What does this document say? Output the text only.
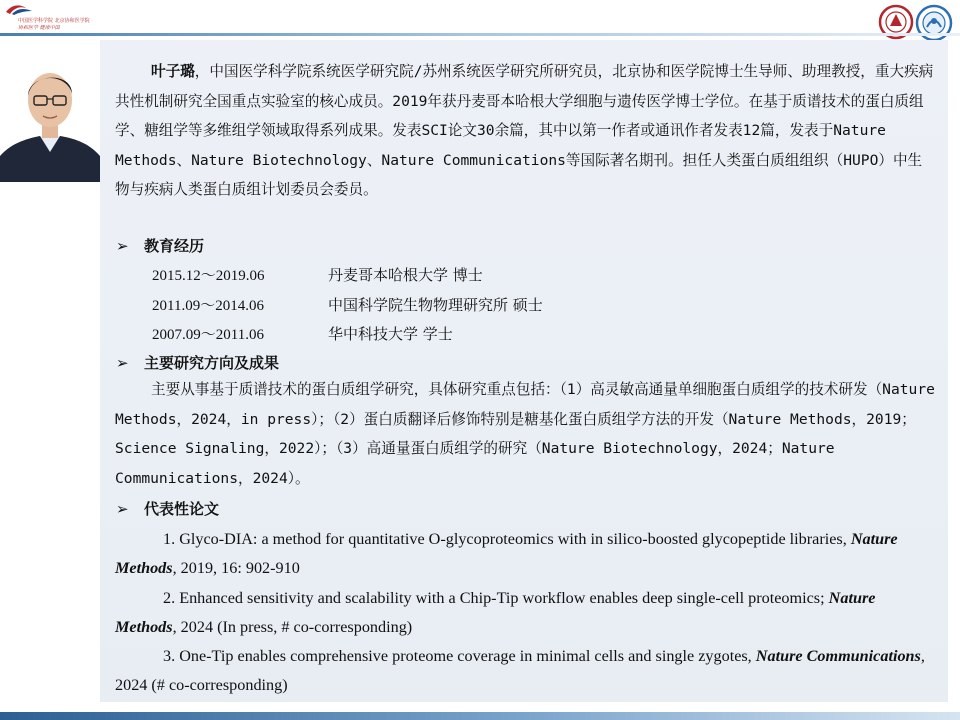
中国医学科学院 北京协和医学院
协和医学 健康中国

叶子璐，中国医学科学院系统医学研究院/苏州系统医学研究所研究员，北京协和医学院博士生导师、助理教授，重大疾病共性机制研究全国重点实验室的核心成员。2019年获丹麦哥本哈根大学细胞与遗传医学博士学位。在基于质谱技术的蛋白质组学、糖组学等多维组学领域取得系列成果。发表SCI论文30余篇，其中以第一作者或通讯作者发表12篇，发表于Nature Methods、Nature Biotechnology、Nature Communications等国际著名期刊。担任人类蛋白质组组织（HUPO）中生物与疾病人类蛋白质组计划委员会委员。

➢ 教育经历
2015.12～2019.06	丹麦哥本哈根大学 博士
2011.09～2014.06	中国科学院生物物理研究所 硕士
2007.09～2011.06	华中科技大学 学士
➢ 主要研究方向及成果

主要从事基于质谱技术的蛋白质组学研究，具体研究重点包括：（1）高灵敏高通量单细胞蛋白质组学的技术研发（Nature Methods，2024，in press）；（2）蛋白质翻译后修饰特别是糖基化蛋白质组学方法的开发（Nature Methods，2019；Science Signaling，2022）；（3）高通量蛋白质组学的研究（Nature Biotechnology，2024；Nature Communications，2024）。

➢ 代表性论文

1. Glyco-DIA: a method for quantitative O-glycoproteomics with in silico-boosted glycopeptide libraries, Nature Methods, 2019, 16: 902-910

2. Enhanced sensitivity and scalability with a Chip-Tip workflow enables deep single-cell proteomics; Nature Methods, 2024 (In press, # co-corresponding)

3. One-Tip enables comprehensive proteome coverage in minimal cells and single zygotes, Nature Communications, 2024 (# co-corresponding)
